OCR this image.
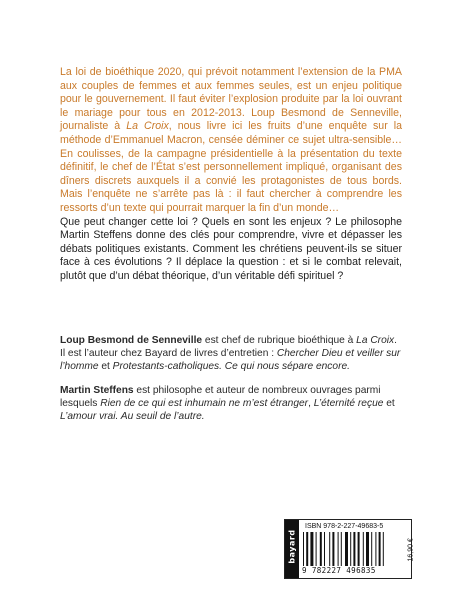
La loi de bioéthique 2020, qui prévoit notamment l’extension de la PMA aux couples de femmes et aux femmes seules, est un enjeu politique pour le gouvernement. Il faut éviter l’explosion produite par la loi ouvrant le mariage pour tous en 2012-2013. Loup Besmond de Senneville, journaliste à La Croix, nous livre ici les fruits d’une enquête sur la méthode d’Emmanuel Macron, censée déminer ce sujet ultra-sensible… En coulisses, de la campagne présidentielle à la présentation du texte définitif, le chef de l’État s’est personnellement impliqué, organisant des dîners discrets auxquels il a convié les protagonistes de tous bords. Mais l’enquête ne s’arrête pas là : il faut chercher à comprendre les ressorts d’un texte qui pourrait marquer la fin d’un monde…

Que peut changer cette loi ? Quels en sont les enjeux ? Le philosophe Martin Steffens donne des clés pour comprendre, vivre et dépasser les débats politiques existants. Comment les chrétiens peuvent-ils se situer face à ces évolutions ? Il déplace la question : et si le combat relevait, plutôt que d’un débat théorique, d’un véritable défi spirituel ?

Loup Besmond de Senneville est chef de rubrique bioéthique à La Croix. Il est l’auteur chez Bayard de livres d’entretien : Chercher Dieu et veiller sur l’homme et Protestants-catholiques. Ce qui nous sépare encore.

Martin Steffens est philosophe et auteur de nombreux ouvrages parmi lesquels Rien de ce qui est inhumain ne m’est étranger, L’éternité reçue et L’amour vrai. Au seuil de l’autre.

bayard
ISBN 978-2-227-49683-5
9 782227 496835
16,90 €
